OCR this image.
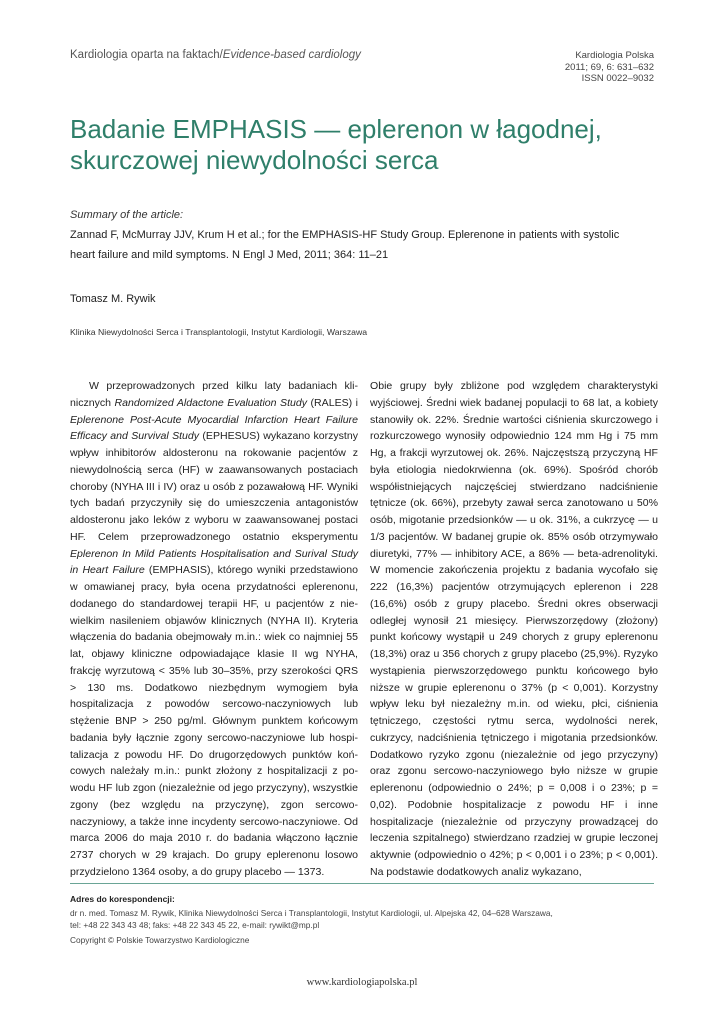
Kardiologia oparta na faktach/Evidence-based cardiology	Kardiologia Polska
2011; 69, 6: 631–632
ISSN 0022–9032
Badanie EMPHASIS — eplerenon w łagodnej,
skurczowej niewydolności serca
Summary of the article:
Zannad F, McMurray JJV, Krum H et al.; for the EMPHASIS-HF Study Group. Eplerenone in patients with systolic
heart failure and mild symptoms. N Engl J Med, 2011; 364: 11–21
Tomasz M. Rywik
Klinika Niewydolności Serca i Transplantologii, Instytut Kardiologii, Warszawa

W przeprowadzonych przed kilku laty badaniach klinicznych Randomized Aldactone Evaluation Study (RALES) i Eplerenone Post-Acute Myocardial Infarction Heart Failure Efficacy and Survival Study (EPHESUS) wykazano korzystny wpływ inhibitorów aldosteronu na rokowanie pacjentów z niewydolnością serca (HF) w zaawansowanych postaciach choroby (NYHA III i IV) oraz u osób z pozawałową HF. Wyniki tych badań przyczyniły się do umieszczenia antagonistów aldosteronu jako leków z wyboru w zaawansowanej postaci HF. Celem przeprowadzonego ostatnio eksperymentu Eplerenon In Mild Patients Hospitalisation and Surival Study in Heart Failure (EMPHASIS), którego wyniki przedstawiono w omawianej pracy, była ocena przydatności eplerenonu, dodanego do standardowej terapii HF, u pacjentów z niewielkim nasileniem objawów klinicznych (NYHA II). Kryteria włączenia do badania obejmowały m.in.: wiek co najmniej 55 lat, objawy kliniczne odpowiadające klasie II wg NYHA, frakcję wyrzutową < 35% lub 30–35%, przy szerokości QRS > 130 ms. Dodatkowo niezbędnym wymogiem była hospitalizacja z powodów sercowo-naczyniowych lub stężenie BNP > 250 pg/ml. Głównym punktem końcowym badania były łącznie zgony sercowo-naczyniowe lub hospitalizacja z powodu HF. Do drugorzędowych punktów końcowych należały m.in.: punkt złożony z hospitalizacji z powodu HF lub zgon (niezależnie od jego przyczyny), wszystkie zgony (bez względu na przyczynę), zgon sercowo-naczyniowy, a także inne incydenty sercowo-naczyniowe. Od marca 2006 do maja 2010 r. do badania włączono łącznie 2737 chorych w 29 krajach. Do grupy eplerenonu losowo przydzielono 1364 osoby, a do grupy placebo — 1373.

Obie grupy były zbliżone pod względem charakterystyki wyjściowej. Średni wiek badanej populacji to 68 lat, a kobiety stanowiły ok. 22%. Średnie wartości ciśnienia skurczowego i rozkurczowego wynosiły odpowiednio 124 mm Hg i 75 mm Hg, a frakcji wyrzutowej ok. 26%. Najczęstszą przyczyną HF była etiologia niedokrwienna (ok. 69%). Spośród chorób współistniejących najczęściej stwierdzano nadciśnienie tętnicze (ok. 66%), przebyty zawał serca zanotowano u 50% osób, migotanie przedsionków — u ok. 31%, a cukrzycę — u 1/3 pacjentów. W badanej grupie ok. 85% osób otrzymywało diuretyki, 77% — inhibitory ACE, a 86% — beta-adrenolityki. W momencie zakończenia projektu z badania wycofało się 222 (16,3%) pacjentów otrzymujących eplerenon i 228 (16,6%) osób z grupy placebo. Średni okres obserwacji odległej wynosił 21 miesięcy. Pierwszorzędowy (złożony) punkt końcowy wystąpił u 249 chorych z grupy eplerenonu (18,3%) oraz u 356 chorych z grupy placebo (25,9%). Ryzyko wystąpienia pierwszorzędowego punktu końcowego było niższe w grupie eplerenonu o 37% (p < 0,001). Korzystny wpływ leku był niezależny m.in. od wieku, płci, ciśnienia tętniczego, częstości rytmu serca, wydolności nerek, cukrzycy, nadciśnienia tętniczego i migotania przedsionków. Dodatkowo ryzyko zgonu (niezależnie od jego przyczyny) oraz zgonu sercowo-naczyniowego było niższe w grupie eplerenonu (odpowiednio o 24%; p = 0,008 i o 23%; p = 0,02). Podobnie hospitalizacje z powodu HF i inne hospitalizacje (niezależnie od przyczyny prowadzącej do leczenia szpitalnego) stwierdzano rzadziej w grupie leczonej aktywnie (odpowiednio o 42%; p < 0,001 i o 23%; p < 0,001). Na podstawie dodatkowych analiz wykazano,

Adres do korespondencji:
dr n. med. Tomasz M. Rywik, Klinika Niewydolności Serca i Transplantologii, Instytut Kardiologii, ul. Alpejska 42, 04–628 Warszawa,
tel: +48 22 343 43 48; faks: +48 22 343 45 22, e-mail: rywikt@mp.pl
Copyright © Polskie Towarzystwo Kardiologiczne
www.kardiologiapolska.pl
